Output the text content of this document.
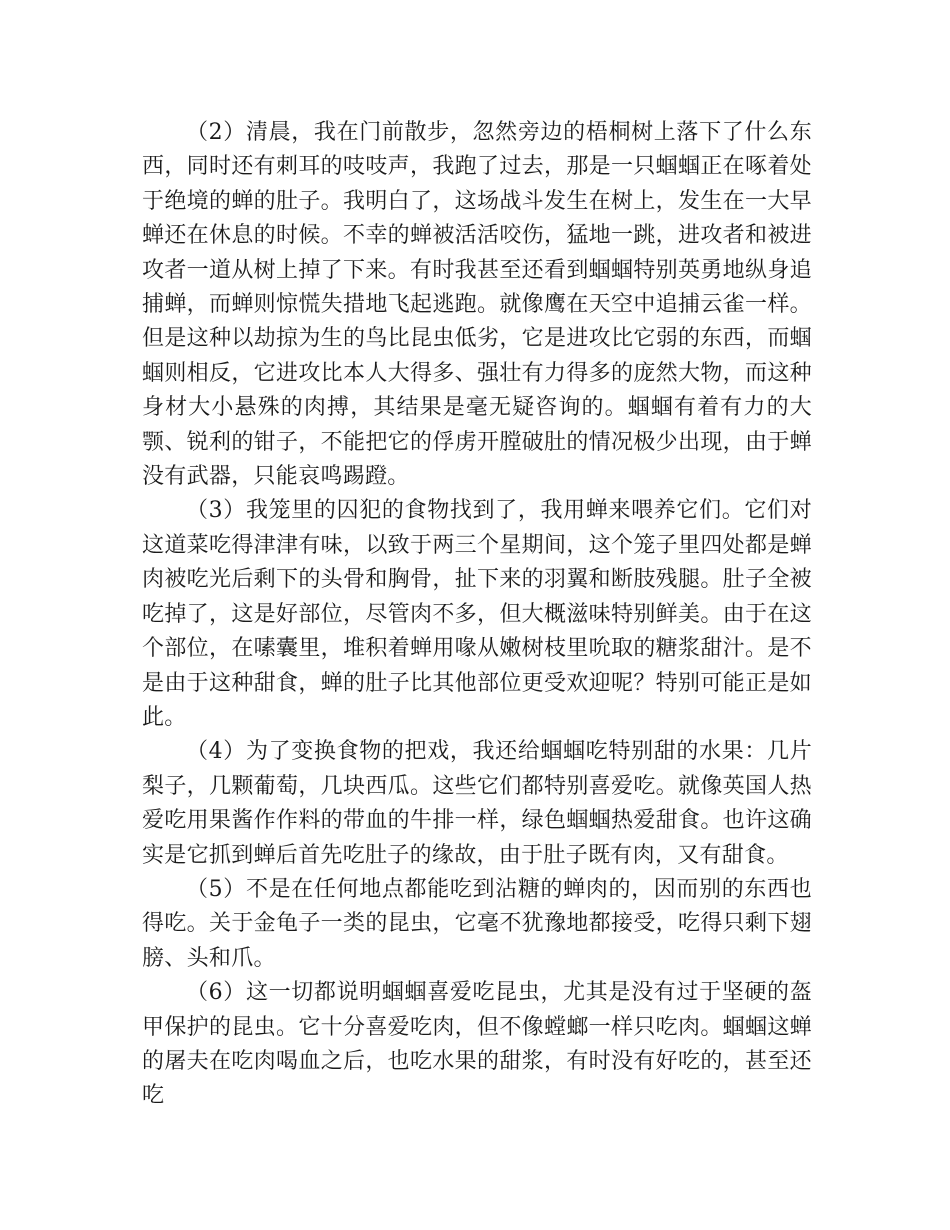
（2）清晨，我在门前散步，忽然旁边的梧桐树上落下了什么东西，同时还有刺耳的吱吱声，我跑了过去，那是一只蝈蝈正在啄着处于绝境的蝉的肚子。我明白了，这场战斗发生在树上，发生在一大早蝉还在休息的时候。不幸的蝉被活活咬伤，猛地一跳，进攻者和被进攻者一道从树上掉了下来。有时我甚至还看到蝈蝈特别英勇地纵身追捕蝉，而蝉则惊慌失措地飞起逃跑。就像鹰在天空中追捕云雀一样。但是这种以劫掠为生的鸟比昆虫低劣，它是进攻比它弱的东西，而蝈蝈则相反，它进攻比本人大得多、强壮有力得多的庞然大物，而这种身材大小悬殊的肉搏，其结果是毫无疑咨询的。蝈蝈有着有力的大颚、锐利的钳子，不能把它的俘虏开膛破肚的情况极少出现，由于蝉没有武器，只能哀鸣踢蹬。

（3）我笼里的囚犯的食物找到了，我用蝉来喂养它们。它们对这道菜吃得津津有味，以致于两三个星期间，这个笼子里四处都是蝉肉被吃光后剩下的头骨和胸骨，扯下来的羽翼和断肢残腿。肚子全被吃掉了，这是好部位，尽管肉不多，但大概滋味特别鲜美。由于在这个部位，在嗉囊里，堆积着蝉用喙从嫩树枝里吮取的糖浆甜汁。是不是由于这种甜食，蝉的肚子比其他部位更受欢迎呢？特别可能正是如此。

（4）为了变换食物的把戏，我还给蝈蝈吃特别甜的水果：几片梨子，几颗葡萄，几块西瓜。这些它们都特别喜爱吃。就像英国人热爱吃用果酱作作料的带血的牛排一样，绿色蝈蝈热爱甜食。也许这确实是它抓到蝉后首先吃肚子的缘故，由于肚子既有肉，又有甜食。

（5）不是在任何地点都能吃到沾糖的蝉肉的，因而别的东西也得吃。关于金龟子一类的昆虫，它毫不犹豫地都接受，吃得只剩下翅膀、头和爪。

（6）这一切都说明蝈蝈喜爱吃昆虫，尤其是没有过于坚硬的盔甲保护的昆虫。它十分喜爱吃肉，但不像螳螂一样只吃肉。蝈蝈这蝉的屠夫在吃肉喝血之后，也吃水果的甜浆，有时没有好吃的，甚至还吃
